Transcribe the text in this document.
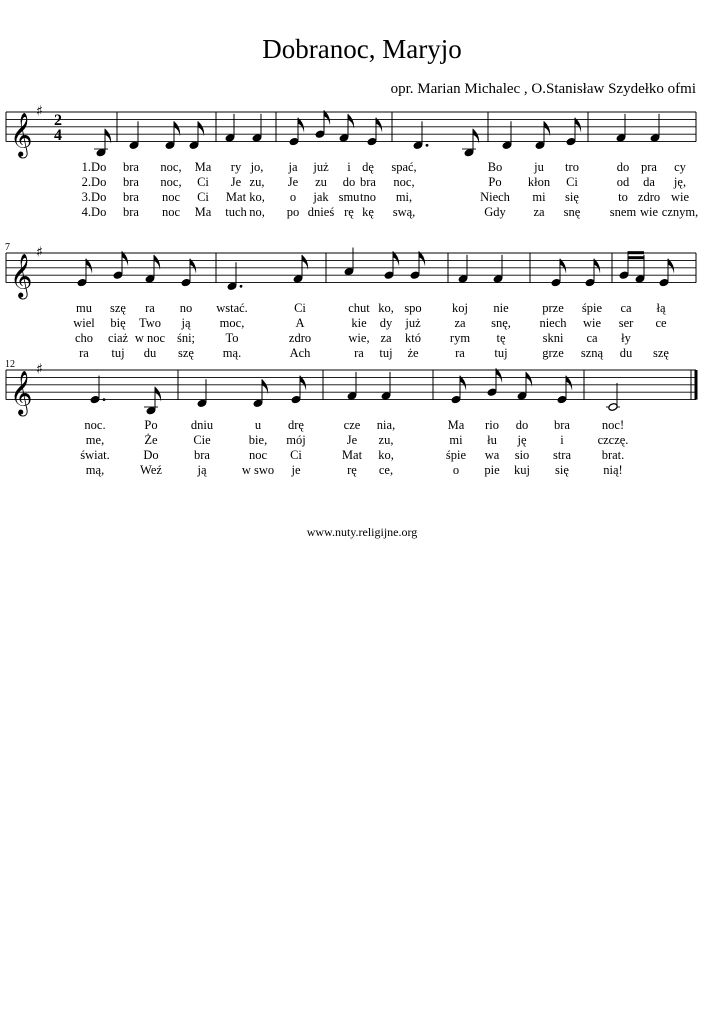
Dobranoc, Maryjo
opr. Marian Michalec , O.Stanisław Szydełko ofmi
𝄞
♯
2
4
1.Do bra noc, Ma ry jo, ja już i dę spać,	Bo	ju tro	do pra cy
2.Do bra noc, Ci Je zu, Je zu do bra noc,	Po kłon Ci	od da ję,
3.Do bra noc Ci Mat ko, o jak smu tno mi,	Niech mi się	to zdro wie
4.Do bra noc Ma tuch no, po dnieś rę kę swą,	Gdy za snę snem wie cznym,
𝄞
♯
7
mu szę ra no wstać.	Ci	chut ko, spo koj nie	prze śpie ca łą
wiel bię Two ją moc,	A	kie dy już	za snę, niech wie ser ce
cho ciaż w noc śni; To	zdro	wie, za któ rym tę	skni ca ły
ra tuj du szę mą.	Ach	ra tuj że	ra tuj	grze szną du szę
𝄞
♯
12
noc.	Po	dniu	u drę	cze nia,	Ma rio do bra	noc!
me,	Że	Cie	bie, mój	Je zu,	mi łu ję	i	czczę.
świat.	Do	bra	noc Ci	Mat ko,	śpie wa sio stra brat.
mą,	Weź	ją	w swo je	rę ce,	o pie kuj się	nią!
www.nuty.religijne.org
